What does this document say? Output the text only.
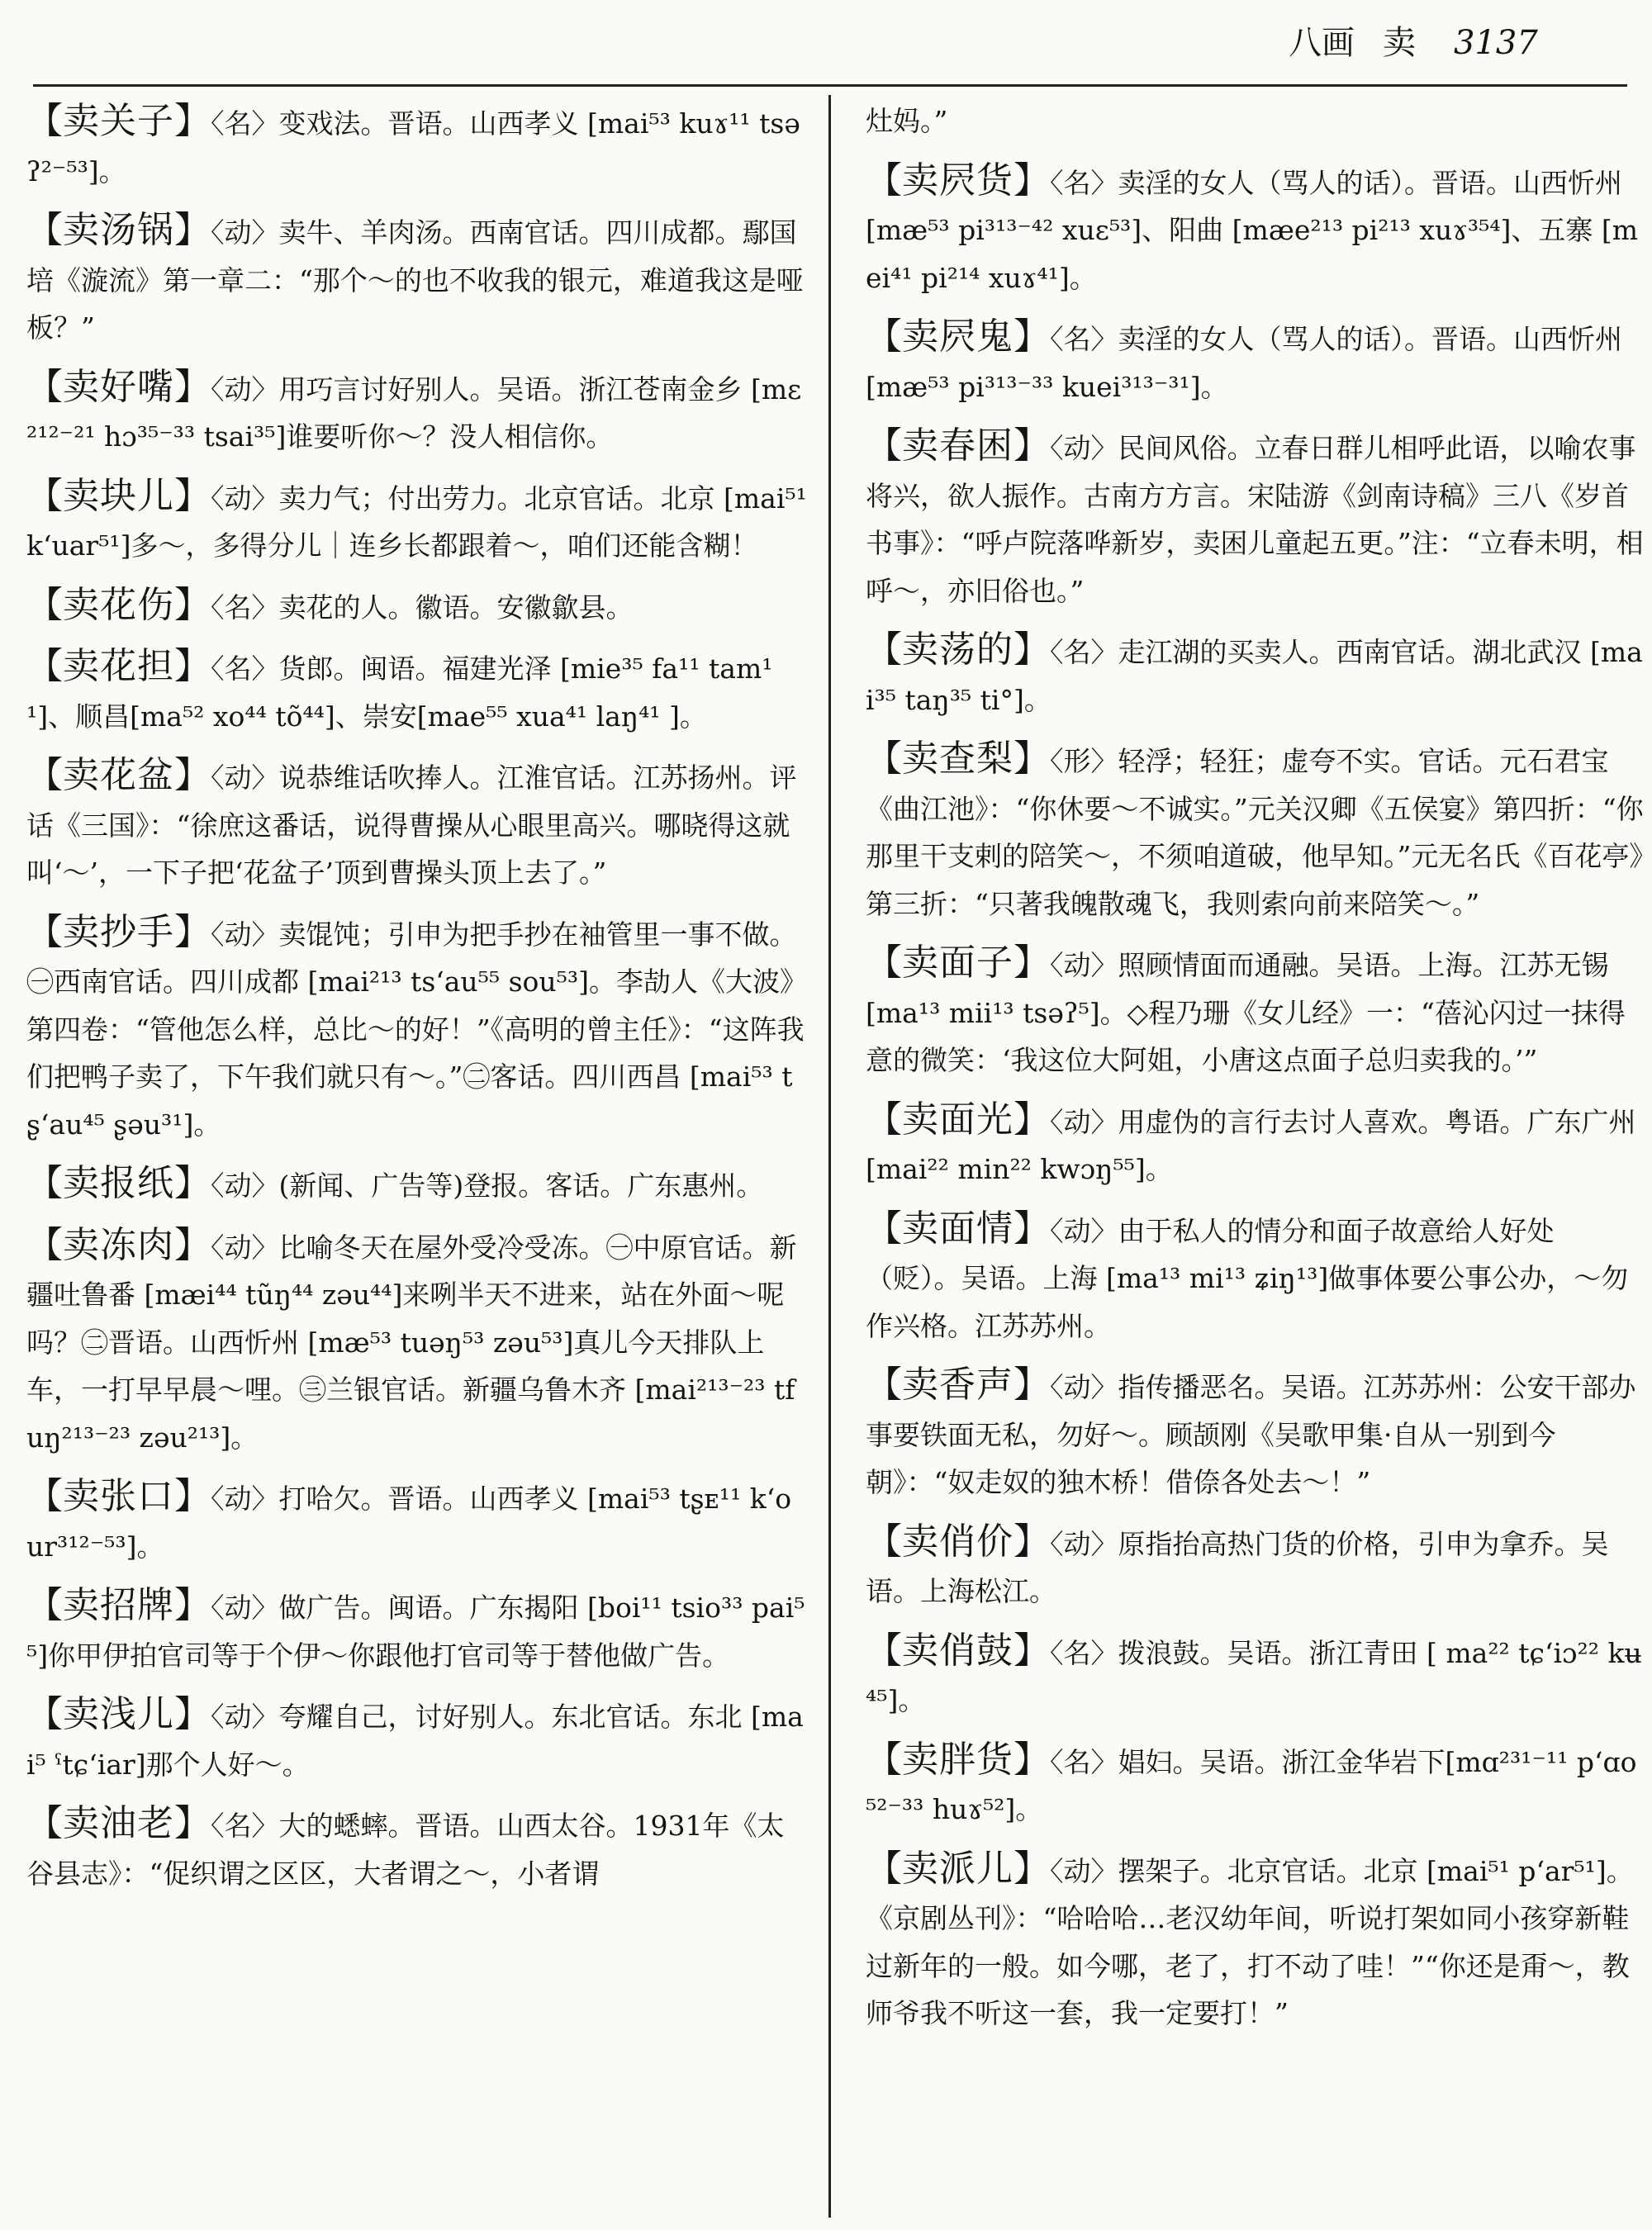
八画 卖 3137

【卖关子】〈名〉变戏法。晋语。山西孝义 [mai⁵³ kuɤ¹¹ tsəʔ²⁻⁵³]。

【卖汤锅】〈动〉卖牛、羊肉汤。西南官话。四川成都。鄢国培《漩流》第一章二：“那个～的也不收我的银元，难道我这是哑板？”

【卖好嘴】〈动〉用巧言讨好别人。吴语。浙江苍南金乡 [mɛ²¹²⁻²¹ hɔ³⁵⁻³³ tsai³⁵]谁要听你～？没人相信你。

【卖块儿】〈动〉卖力气；付出劳力。北京官话。北京 [mai⁵¹ k‘uar⁵¹]多～，多得分儿｜连乡长都跟着～，咱们还能含糊！

【卖花伤】〈名〉卖花的人。徽语。安徽歙县。

【卖花担】〈名〉货郎。闽语。福建光泽 [mie³⁵ fa¹¹ tam¹¹]、顺昌[ma⁵² xo⁴⁴ tõ⁴⁴]、崇安[mae⁵⁵ xua⁴¹ laŋ⁴¹ ]。

【卖花盆】〈动〉说恭维话吹捧人。江淮官话。江苏扬州。评话《三国》：“徐庶这番话，说得曹操从心眼里高兴。哪晓得这就叫‘～’，一下子把‘花盆子’顶到曹操头顶上去了。”

【卖抄手】〈动〉卖馄饨；引申为把手抄在袖管里一事不做。㊀西南官话。四川成都 [mai²¹³ ts‘au⁵⁵ sou⁵³]。李劼人《大波》第四卷：“管他怎么样，总比～的好！”《高明的曾主任》：“这阵我们把鸭子卖了，下午我们就只有～。”㊁客话。四川西昌 [mai⁵³ tʂ‘au⁴⁵ ʂəu³¹]。

【卖报纸】〈动〉(新闻、广告等)登报。客话。广东惠州。

【卖冻肉】〈动〉比喻冬天在屋外受冷受冻。㊀中原官话。新疆吐鲁番 [mæi⁴⁴ tũŋ⁴⁴ zəu⁴⁴]来咧半天不进来，站在外面～呢吗？㊁晋语。山西忻州 [mæ⁵³ tuəŋ⁵³ zəu⁵³]真儿今天排队上车，一打早早晨～哩。㊂兰银官话。新疆乌鲁木齐 [mai²¹³⁻²³ tfuŋ²¹³⁻²³ zəu²¹³]。

【卖张口】〈动〉打哈欠。晋语。山西孝义 [mai⁵³ tʂᴇ¹¹ k‘our³¹²⁻⁵³]。

【卖招牌】〈动〉做广告。闽语。广东揭阳 [boi¹¹ tsio³³ pai⁵⁵]你甲伊拍官司等于个伊～你跟他打官司等于替他做广告。

【卖浅儿】〈动〉夸耀自己，讨好别人。东北官话。东北 [mai⁵ ˤtɕ‘iar]那个人好～。

【卖油老】〈名〉大的蟋蟀。晋语。山西太谷。1931年《太谷县志》：“促织谓之区区，大者谓之～，小者谓

灶妈。”

【卖屄货】〈名〉卖淫的女人（骂人的话）。晋语。山西忻州 [mæ⁵³ pi³¹³⁻⁴² xuɛ⁵³]、阳曲 [mæe²¹³ pi²¹³ xuɤ³⁵⁴]、五寨 [mei⁴¹ pi²¹⁴ xuɤ⁴¹]。

【卖屄鬼】〈名〉卖淫的女人（骂人的话）。晋语。山西忻州 [mæ⁵³ pi³¹³⁻³³ kuei³¹³⁻³¹]。

【卖春困】〈动〉民间风俗。立春日群儿相呼此语，以喻农事将兴，欲人振作。古南方方言。宋陆游《剑南诗稿》三八《岁首书事》：“呼卢院落哗新岁，卖困儿童起五更。”注：“立春未明，相呼～，亦旧俗也。”

【卖荡的】〈名〉走江湖的买卖人。西南官话。湖北武汉 [mai³⁵ taŋ³⁵ ti°]。

【卖查梨】〈形〉轻浮；轻狂；虚夸不实。官话。元石君宝《曲江池》：“你休要～不诚实。”元关汉卿《五侯宴》第四折：“你那里干支剌的陪笑～，不须咱道破，他早知。”元无名氏《百花亭》第三折：“只著我魄散魂飞，我则索向前来陪笑～。”

【卖面子】〈动〉照顾情面而通融。吴语。上海。江苏无锡 [ma¹³ mii¹³ tsəʔ⁵]。◇程乃珊《女儿经》一：“蓓沁闪过一抹得意的微笑：‘我这位大阿姐，小唐这点面子总归卖我的。’”

【卖面光】〈动〉用虚伪的言行去讨人喜欢。粤语。广东广州 [mai²² min²² kwɔŋ⁵⁵]。

【卖面情】〈动〉由于私人的情分和面子故意给人好处（贬）。吴语。上海 [ma¹³ mi¹³ ʑiŋ¹³]做事体要公事公办，～勿作兴格。江苏苏州。

【卖香声】〈动〉指传播恶名。吴语。江苏苏州：公安干部办事要铁面无私，勿好～。顾颉刚《吴歌甲集·自从一别到今朝》：“奴走奴的独木桥！借倷各处去～！”

【卖俏价】〈动〉原指抬高热门货的价格，引申为拿乔。吴语。上海松江。

【卖俏鼓】〈名〉拨浪鼓。吴语。浙江青田 [ ma²² tɕ‘iɔ²² kʉ⁴⁵]。

【卖胖货】〈名〉娼妇。吴语。浙江金华岩下[mɑ²³¹⁻¹¹ p‘ɑo⁵²⁻³³ huɤ⁵²]。

【卖派儿】〈动〉摆架子。北京官话。北京 [mai⁵¹ p‘ar⁵¹]。《京剧丛刊》：“哈哈哈…老汉幼年间，听说打架如同小孩穿新鞋过新年的一般。如今哪，老了，打不动了哇！”“你还是甭～，教师爷我不听这一套，我一定要打！”
